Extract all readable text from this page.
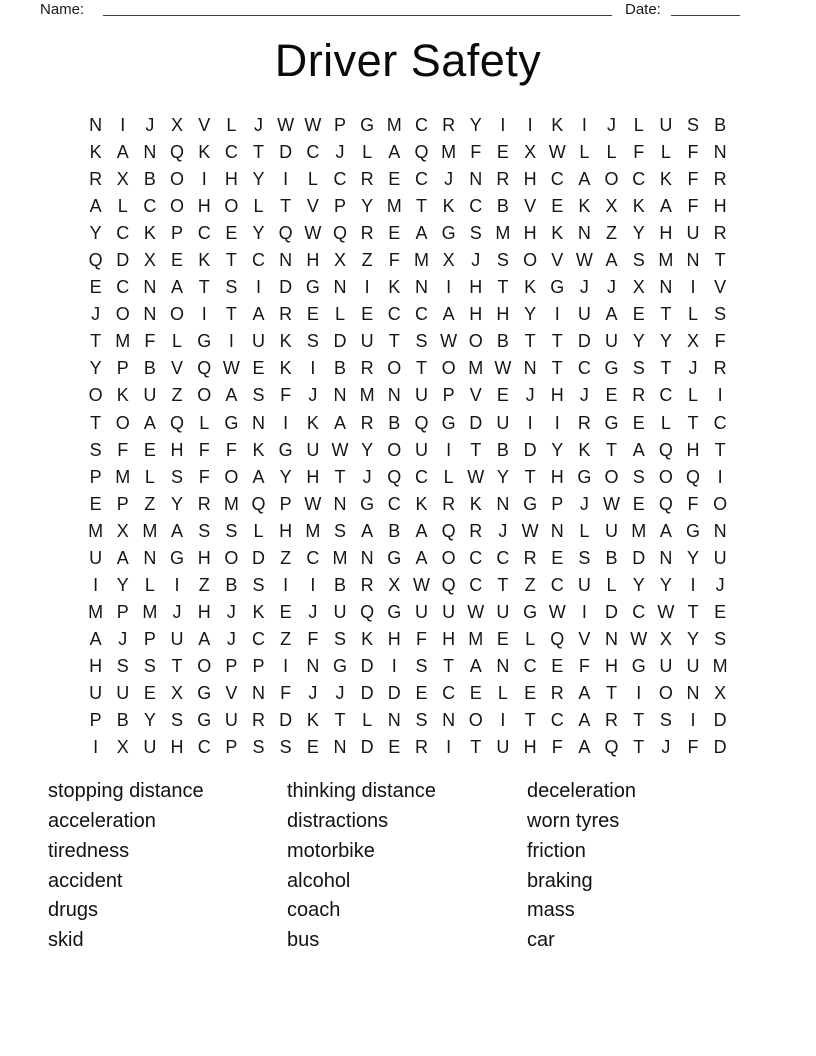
Name:	Date:
Driver Safety
N	I	J X V L J W W P G M C R Y	I	I	K	I	J L U S B
K A N Q K C T D C J L A Q M F E X W L L F L F N
R X B O I	H Y	I	L C R E C J N R H C A O C K F R
A L C O H O L T V P Y M T K C B V E K X K A F H
Y C K P C E Y Q W Q R E A G S M H K N Z Y H U R
Q D X E K T C N H X Z F M X J S O V W A S M N T
E C N A T S	I	D G N	I	K N	I	H T K G J	J X N	I	V
J O N O I	T A R E L E C C A H H Y	I	U A E T L S
T M F L G I	U K S D U T S W O B T T D U Y Y X F
Y P B V Q W E K	I	B R O T O M W N T C G S T J R
O K U Z O A S F J N M N U P V E J H J E R C L	I
T O A Q L G N	I	K A R B Q G D U	I	I	R G E L T C
S F E H F F K G U W Y O U	I	T B D Y K T A Q H T
P M L S F O A Y H T J Q C L W Y T H G O S O Q I
E P Z Y R M Q P W N G C K R K N G P J W E Q F O
M X M A S S L H M S A B A Q R J W N L U M A G N
U A N G H O D Z C M N G A O C C R E S B D N Y U
I	Y L	I	Z B S	I	I	B R X W Q C T Z C U L Y Y	I	J
M P M J H J K E J U Q G U U W U G W I	D C W T E
A J P U A J C Z F S K H F H M E L Q V N W X Y S
H S S T O P P	I	N G D	I	S T A N C E F H G U U M
U U E X G V N F J	J D D E C E L E R A T	I O N X
P B Y S G U R D K T L N S N O I	T C A R T S	I	D
I	X U H C P S S E N D E R	I	T U H F A Q T J F D
stopping distance
acceleration
tiredness
accident
drugs
skid
thinking distance
distractions
motorbike
alcohol
coach
bus
deceleration
worn tyres
friction
braking
mass
car
